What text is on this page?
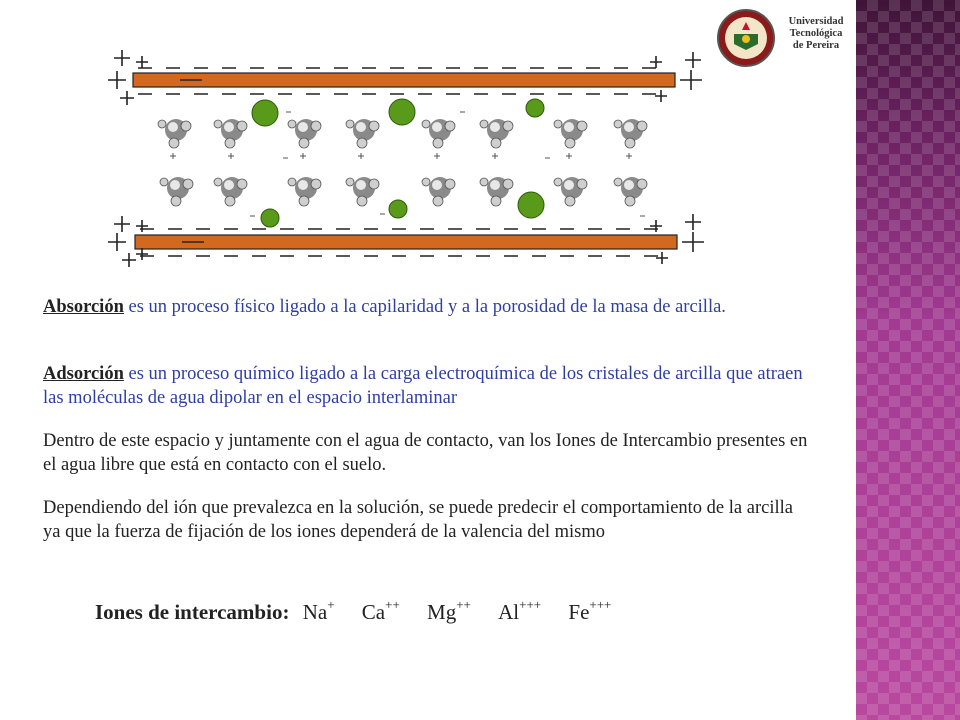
Universidad
Tecnológica
de Pereira
Absorción es un proceso físico ligado a la capilaridad y a la porosidad de la masa de arcilla.
Adsorción es un proceso químico ligado a la carga electroquímica de los cristales de arcilla que atraen las moléculas de agua dipolar en el espacio interlaminar
Dentro de este espacio y juntamente con el agua de contacto, van los Iones de Intercambio presentes en el agua libre que está en contacto con el suelo.
Dependiendo del ión que prevalezca en la solución, se puede predecir el comportamiento de la arcilla ya que la fuerza de fijación de los iones dependerá de la valencia del mismo
Iones de intercambio: Na+ Ca++ Mg++ Al+++ Fe+++
